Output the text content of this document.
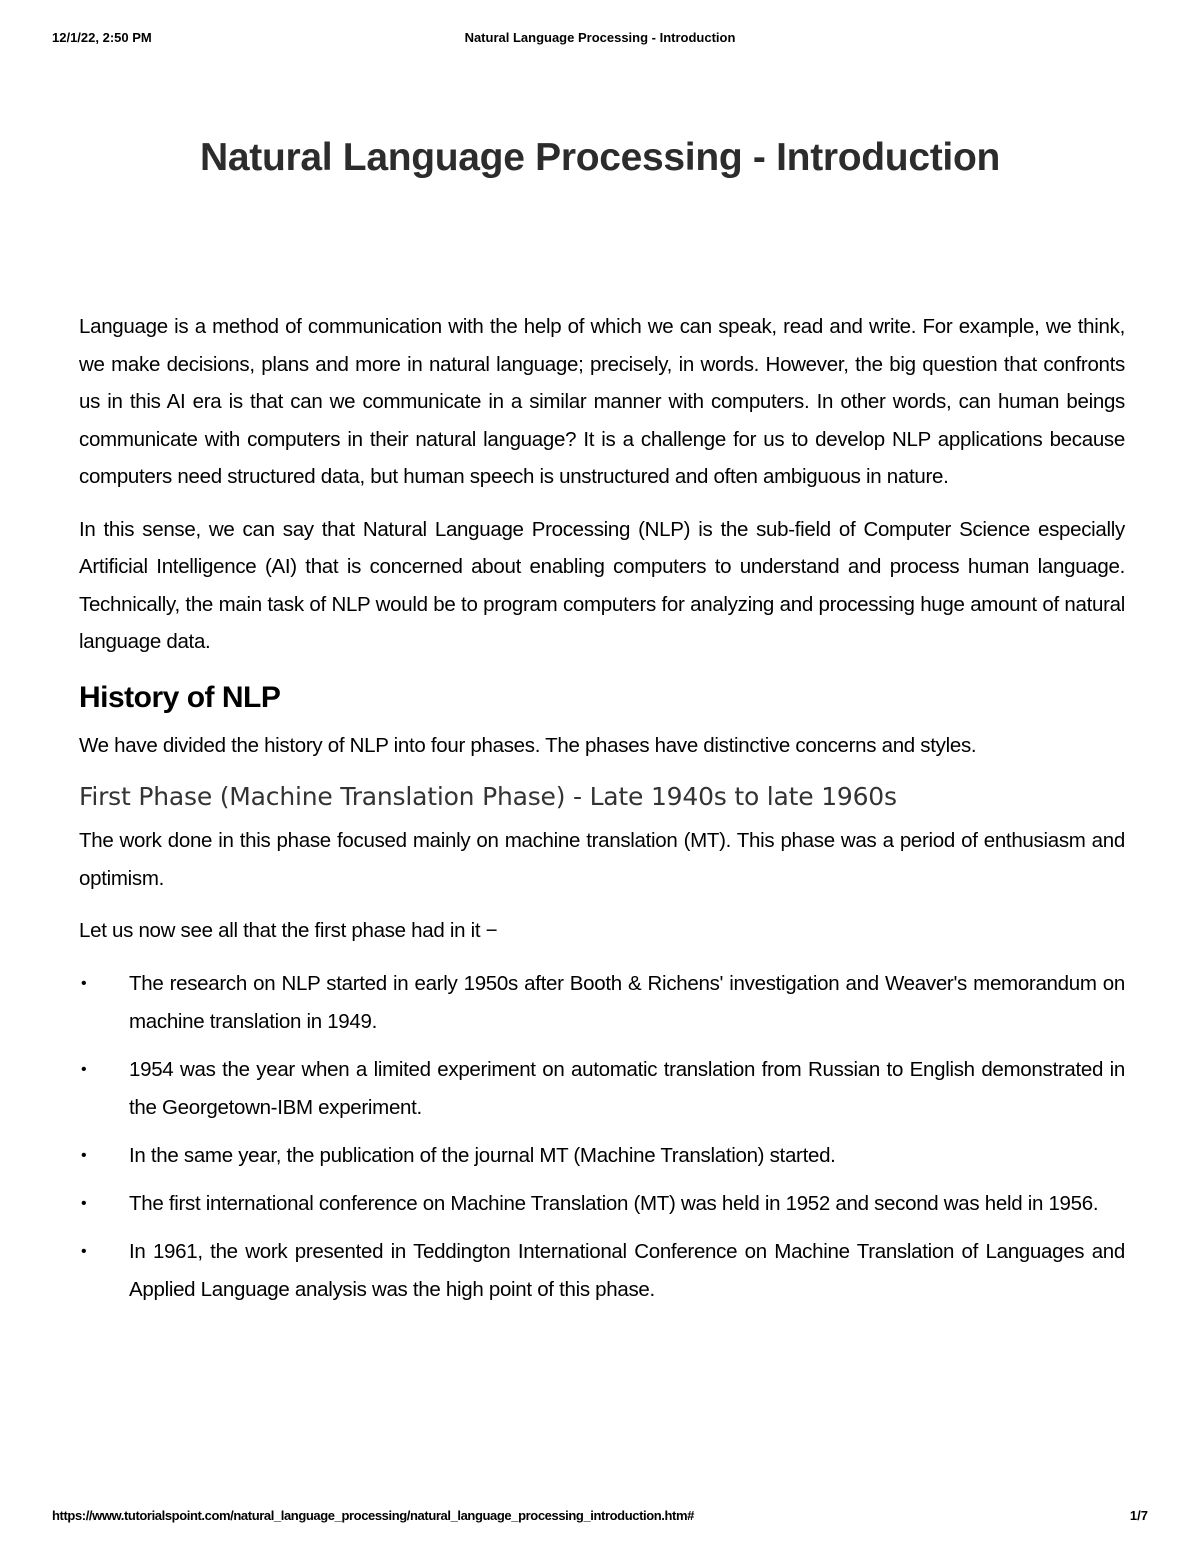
12/1/22, 2:50 PM	Natural Language Processing - Introduction
Natural Language Processing - Introduction

Language is a method of communication with the help of which we can speak, read and write. For example, we think, we make decisions, plans and more in natural language; precisely, in words. However, the big question that confronts us in this AI era is that can we communicate in a similar manner with computers. In other words, can human beings communicate with computers in their natural language? It is a challenge for us to develop NLP applications because computers need structured data, but human speech is unstructured and often ambiguous in nature.

In this sense, we can say that Natural Language Processing (NLP) is the sub-field of Computer Science especially Artificial Intelligence (AI) that is concerned about enabling computers to understand and process human language. Technically, the main task of NLP would be to program computers for analyzing and processing huge amount of natural language data.

History of NLP

We have divided the history of NLP into four phases. The phases have distinctive concerns and styles.

First Phase (Machine Translation Phase) - Late 1940s to late 1960s

The work done in this phase focused mainly on machine translation (MT). This phase was a period of enthusiasm and optimism.

Let us now see all that the first phase had in it −

• The research on NLP started in early 1950s after Booth & Richens' investigation and Weaver's memorandum on machine translation in 1949.
• 1954 was the year when a limited experiment on automatic translation from Russian to English demonstrated in the Georgetown-IBM experiment.
• In the same year, the publication of the journal MT (Machine Translation) started.
• The first international conference on Machine Translation (MT) was held in 1952 and second was held in 1956.
• In 1961, the work presented in Teddington International Conference on Machine Translation of Languages and Applied Language analysis was the high point of this phase.
https://www.tutorialspoint.com/natural_language_processing/natural_language_processing_introduction.htm#	1/7
